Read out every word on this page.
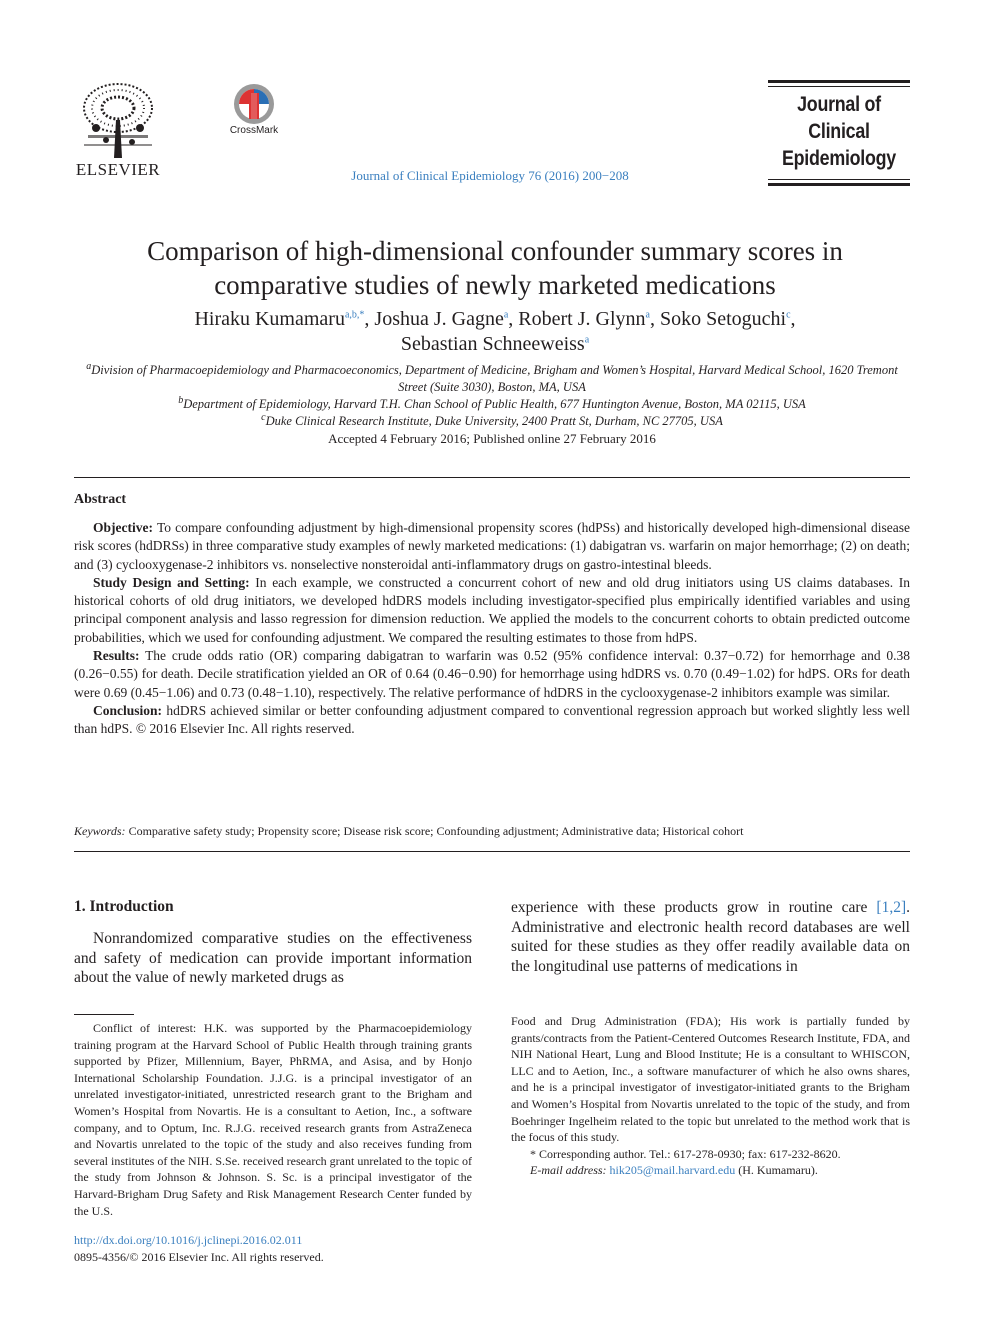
ELSEVIER
CrossMark
Journal of Clinical Epidemiology 76 (2016) 200−208
Journal of
Clinical
Epidemiology
Comparison of high-dimensional confounder summary scores in comparative studies of newly marketed medications
Hiraku Kumamaru$^{a,b,*}$, Joshua J. Gagne$^a$, Robert J. Glynn$^a$, Soko Setoguchi$^c$,
Sebastian Schneeweiss$^a$
$^a$Division of Pharmacoepidemiology and Pharmacoeconomics, Department of Medicine, Brigham and Women’s Hospital, Harvard Medical School, 1620 Tremont Street (Suite 3030), Boston, MA, USA
$^b$Department of Epidemiology, Harvard T.H. Chan School of Public Health, 677 Huntington Avenue, Boston, MA 02115, USA
$^c$Duke Clinical Research Institute, Duke University, 2400 Pratt St, Durham, NC 27705, USA
Accepted 4 February 2016; Published online 27 February 2016
Abstract

Objective: To compare confounding adjustment by high-dimensional propensity scores (hdPSs) and historically developed high-dimensional disease risk scores (hdDRSs) in three comparative study examples of newly marketed medications: (1) dabigatran vs. warfarin on major hemorrhage; (2) on death; and (3) cyclooxygenase-2 inhibitors vs. nonselective nonsteroidal anti-inflammatory drugs on gastro-intestinal bleeds.

Study Design and Setting: In each example, we constructed a concurrent cohort of new and old drug initiators using US claims databases. In historical cohorts of old drug initiators, we developed hdDRS models including investigator-specified plus empirically identified variables and using principal component analysis and lasso regression for dimension reduction. We applied the models to the concurrent cohorts to obtain predicted outcome probabilities, which we used for confounding adjustment. We compared the resulting estimates to those from hdPS.

Results: The crude odds ratio (OR) comparing dabigatran to warfarin was 0.52 (95% confidence interval: 0.37−0.72) for hemorrhage and 0.38 (0.26−0.55) for death. Decile stratification yielded an OR of 0.64 (0.46−0.90) for hemorrhage using hdDRS vs. 0.70 (0.49−1.02) for hdPS. ORs for death were 0.69 (0.45−1.06) and 0.73 (0.48−1.10), respectively. The relative performance of hdDRS in the cyclooxygenase-2 inhibitors example was similar.

Conclusion: hdDRS achieved similar or better confounding adjustment compared to conventional regression approach but worked slightly less well than hdPS. © 2016 Elsevier Inc. All rights reserved.

Keywords: Comparative safety study; Propensity score; Disease risk score; Confounding adjustment; Administrative data; Historical cohort
1. Introduction
Nonrandomized comparative studies on the effectiveness and safety of medication can provide important information about the value of newly marketed drugs as
experience with these products grow in routine care [1,2]. Administrative and electronic health record databases are well suited for these studies as they offer readily available data on the longitudinal use patterns of medications in
Conflict of interest: H.K. was supported by the Pharmacoepidemiology training program at the Harvard School of Public Health through training grants supported by Pfizer, Millennium, Bayer, PhRMA, and Asisa, and by Honjo International Scholarship Foundation. J.J.G. is a principal investigator of an unrelated investigator-initiated, unrestricted research grant to the Brigham and Women’s Hospital from Novartis. He is a consultant to Aetion, Inc., a software company, and to Optum, Inc. R.J.G. received research grants from AstraZeneca and Novartis unrelated to the topic of the study and also receives funding from several institutes of the NIH. S.Se. received research grant unrelated to the topic of the study from Johnson & Johnson. S. Sc. is a principal investigator of the Harvard-Brigham Drug Safety and Risk Management Research Center funded by the U.S.

Food and Drug Administration (FDA); His work is partially funded by grants/contracts from the Patient-Centered Outcomes Research Institute, FDA, and NIH National Heart, Lung and Blood Institute; He is a consultant to WHISCON, LLC and to Aetion, Inc., a software manufacturer of which he also owns shares, and he is a principal investigator of investigator-initiated grants to the Brigham and Women’s Hospital from Novartis unrelated to the topic of the study, and from Boehringer Ingelheim related to the topic but unrelated to the method work that is the focus of this study.

* Corresponding author. Tel.: 617-278-0930; fax: 617-232-8620.

E-mail address: hik205@mail.harvard.edu (H. Kumamaru).

http://dx.doi.org/10.1016/j.jclinepi.2016.02.011
0895-4356/© 2016 Elsevier Inc. All rights reserved.
